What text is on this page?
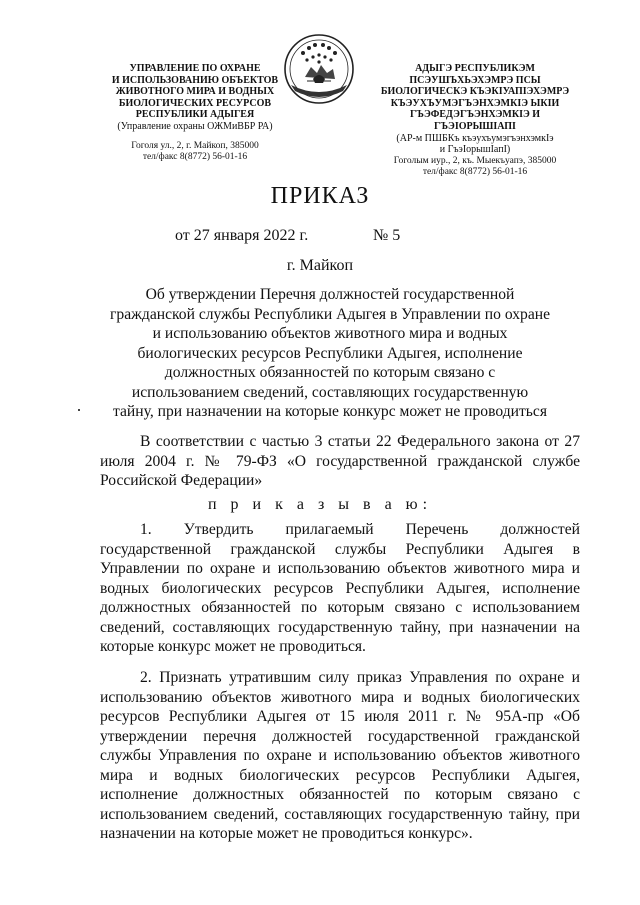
УПРАВЛЕНИЕ ПО ОХРАНЕ
И ИСПОЛЬЗОВАНИЮ ОБЪЕКТОВ
ЖИВОТНОГО МИРА И ВОДНЫХ
БИОЛОГИЧЕСКИХ РЕСУРСОВ
РЕСПУБЛИКИ АДЫГЕЯ
(Управление охраны ОЖМиВБР РА)
Гоголя ул., 2, г. Майкоп, 385000
тел/факс 8(8772) 56-01-16
АДЫГЭ РЕСПУБЛИКЭМ
ПСЭУШЪХЬЭХЭМРЭ ПСЫ
БИОЛОГИЧЕСКЭ КЪЭКIУАПIЭХЭМРЭ
КЪЭУХЪУМЭГЪЭНХЭМКIЭ ЫКIИ
ГЪЭФЕДЭГЪЭНХЭМКIЭ И ГЪЭIОРЫШIАПI
(АР-м ПШБКъ къэухъумэгъэнхэмкIэ
и ГъэIорышIапI)
Гоголым иур., 2, къ. Мыекъуапэ, 385000
тел/факс 8(8772) 56-01-16
ПРИКАЗ
от 27 января 2022 г.	№ 5
г. Майкоп
Об утверждении Перечня должностей государственной гражданской службы Республики Адыгея в Управлении по охране и использованию объектов животного мира и водных биологических ресурсов Республики Адыгея, исполнение должностных обязанностей по которым связано с использованием сведений, составляющих государственную тайну, при назначении на которые конкурс может не проводиться
В соответствии с частью 3 статьи 22 Федерального закона от 27 июля 2004 г. № 79-ФЗ «О государственной гражданской службе Российской Федерации»
п р и к а з ы в а ю:
1. Утвердить прилагаемый Перечень должностей государственной гражданской службы Республики Адыгея в Управлении по охране и использованию объектов животного мира и водных биологических ресурсов Республики Адыгея, исполнение должностных обязанностей по которым связано с использованием сведений, составляющих государственную тайну, при назначении на которые конкурс может не проводиться.
2. Признать утратившим силу приказ Управления по охране и использованию объектов животного мира и водных биологических ресурсов Республики Адыгея от 15 июля 2011 г. № 95А-пр «Об утверждении перечня должностей государственной гражданской службы Управления по охране и использованию объектов животного мира и водных биологических ресурсов Республики Адыгея, исполнение должностных обязанностей по которым связано с использованием сведений, составляющих государственную тайну, при назначении на которые может не проводиться конкурс».
